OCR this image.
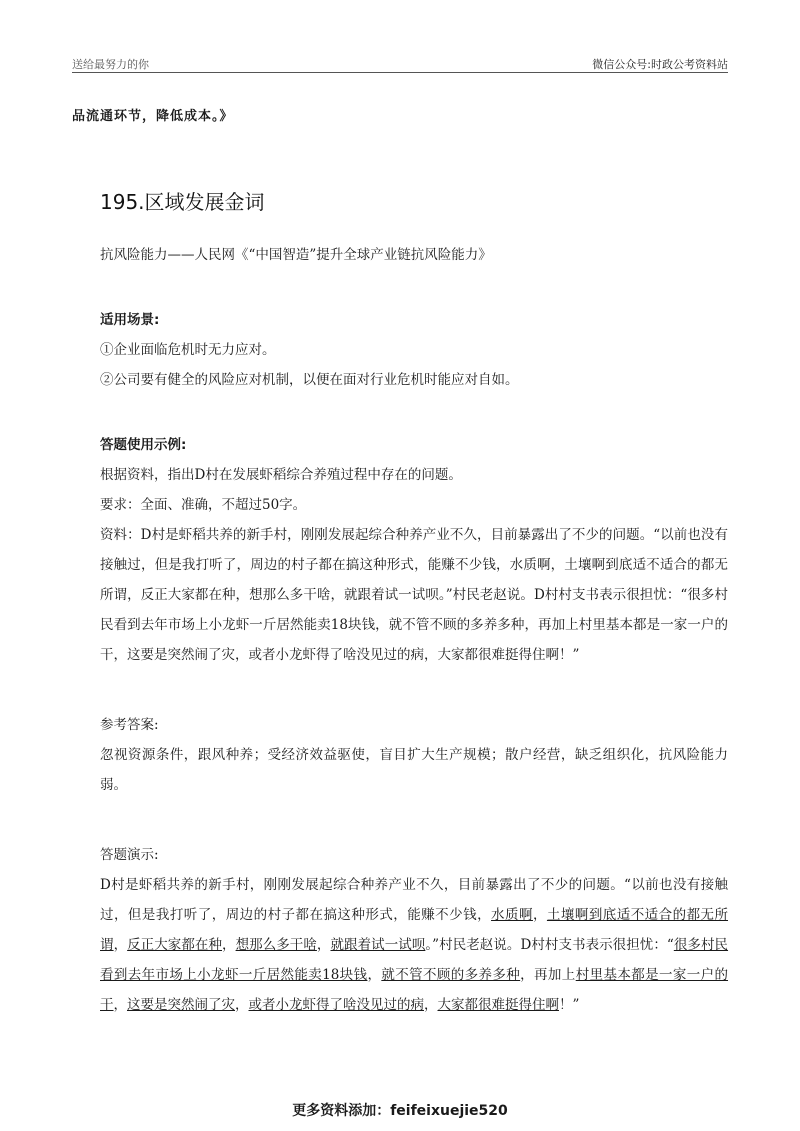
送给最努力的你	微信公众号:时政公考资料站
品流通环节，降低成本。》
195.区域发展金词

抗风险能力——人民网《“中国智造”提升全球产业链抗风险能力》

适用场景:

①企业面临危机时无力应对。

②公司要有健全的风险应对机制，以便在面对行业危机时能应对自如。

答题使用示例:

根据资料，指出D村在发展虾稻综合养殖过程中存在的问题。

要求：全面、准确，不超过50字。

资料：D村是虾稻共养的新手村，刚刚发展起综合种养产业不久，目前暴露出了不少的问题。“以前也没有接触过，但是我打听了，周边的村子都在搞这种形式，能赚不少钱，水质啊，土壤啊到底适不适合的都无所谓，反正大家都在种，想那么多干啥，就跟着试一试呗。”村民老赵说。D村村支书表示很担忧：“很多村民看到去年市场上小龙虾一斤居然能卖18块钱，就不管不顾的多养多种，再加上村里基本都是一家一户的干，这要是突然闹了灾，或者小龙虾得了啥没见过的病，大家都很难挺得住啊！”

参考答案:

忽视资源条件，跟风种养；受经济效益驱使，盲目扩大生产规模；散户经营，缺乏组织化，抗风险能力弱。

答题演示:

D村是虾稻共养的新手村，刚刚发展起综合种养产业不久，目前暴露出了不少的问题。“以前也没有接触过，但是我打听了，周边的村子都在搞这种形式，能赚不少钱，水质啊，土壤啊到底适不适合的都无所谓，反正大家都在种，想那么多干啥，就跟着试一试呗。”村民老赵说。D村村支书表示很担忧：“很多村民看到去年市场上小龙虾一斤居然能卖18块钱，就不管不顾的多养多种，再加上村里基本都是一家一户的干，这要是突然闹了灾，或者小龙虾得了啥没见过的病，大家都很难挺得住啊！”

更多资料添加：feifeixuejie520
